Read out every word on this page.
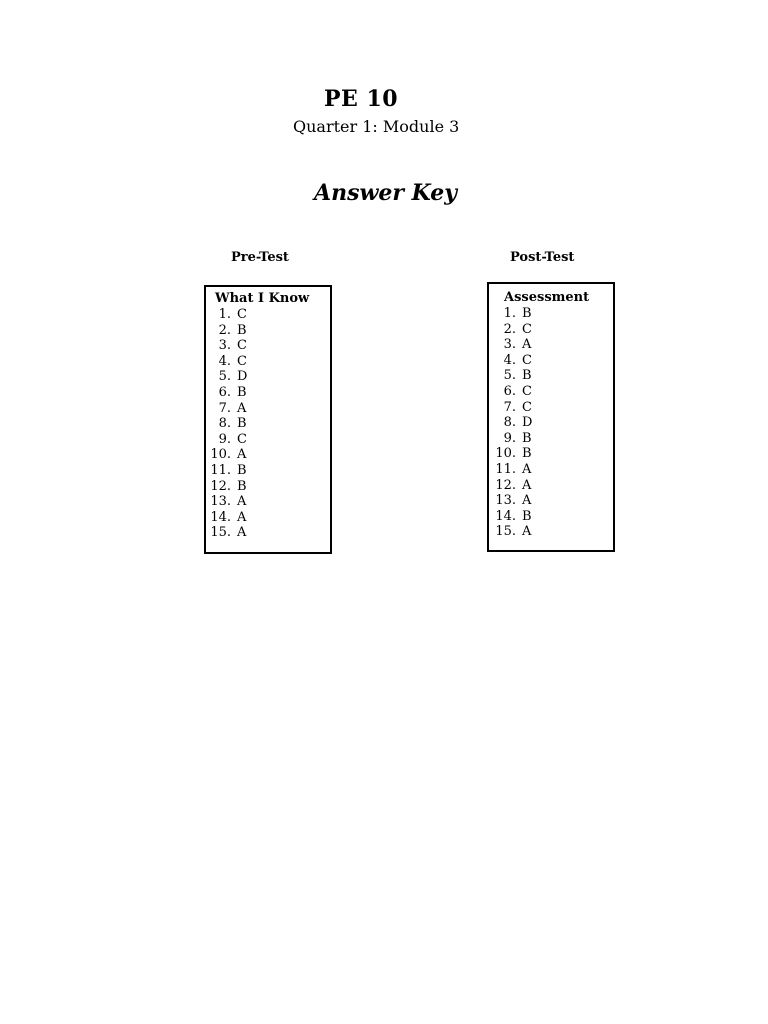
PE 10

Quarter 1: Module 3

Answer Key

Pre-Test	Post-Test

What I Know
1. C
2. B
3. C
4. C
5. D
6. B
7. A
8. B
9. C
10. A
11. B
12. B
13. A
14. A
15. A
Assessment
1. B
2. C
3. A
4. C
5. B
6. C
7. C
8. D
9. B
10. B
11. A
12. A
13. A
14. B
15. A
